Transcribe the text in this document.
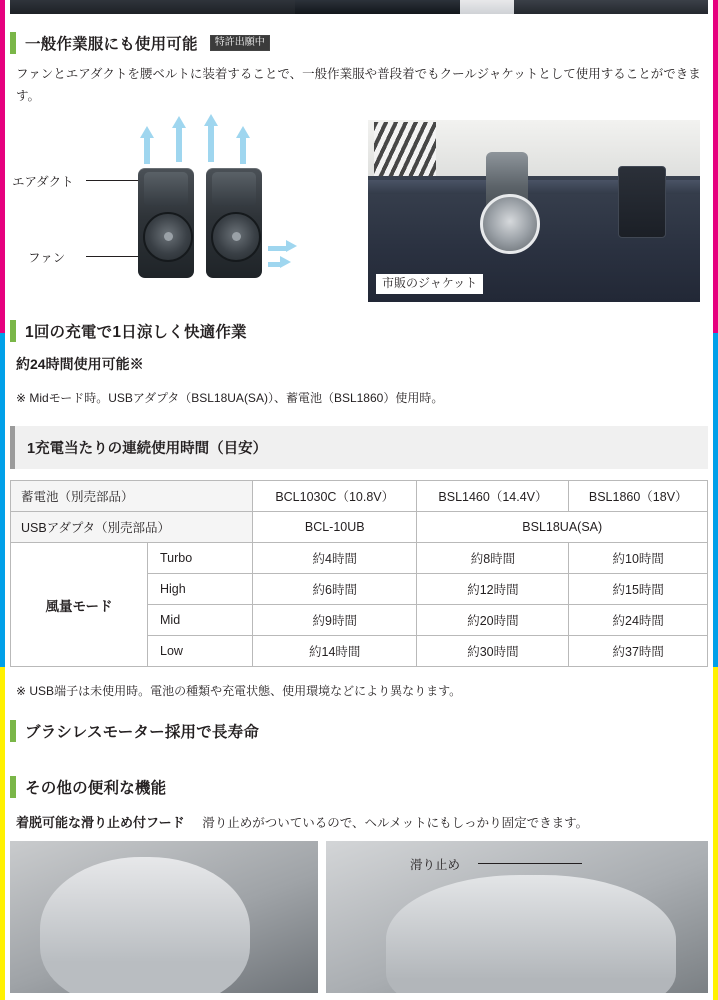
一般作業服にも使用可能	特許出願中
ファンとエアダクトを腰ベルトに装着することで、一般作業服や普段着でもクールジャケットとして使用することができます。
エアダクト
ファン
市販のジャケット
1回の充電で1日涼しく快適作業
約24時間使用可能※
※ Midモード時。USBアダプタ（BSL18UA(SA)）、蓄電池（BSL1860）使用時。
1充電当たりの連続使用時間（目安）
蓄電池（別売部品）		BCL1030C（10.8V）	BSL1460（14.4V）	BSL1860（18V）
USBアダプタ（別売部品）		BCL-10UB	BSL18UA(SA)	
風量モード	Turbo	約4時間	約8時間	約10時間
	High	約6時間	約12時間	約15時間
	Mid	約9時間	約20時間	約24時間
	Low	約14時間	約30時間	約37時間
※ USB端子は未使用時。電池の種類や充電状態、使用環境などにより異なります。
ブラシレスモーター採用で長寿命
その他の便利な機能
着脱可能な滑り止め付フード 滑り止めがついているので、ヘルメットにもしっかり固定できます。
滑り止め
